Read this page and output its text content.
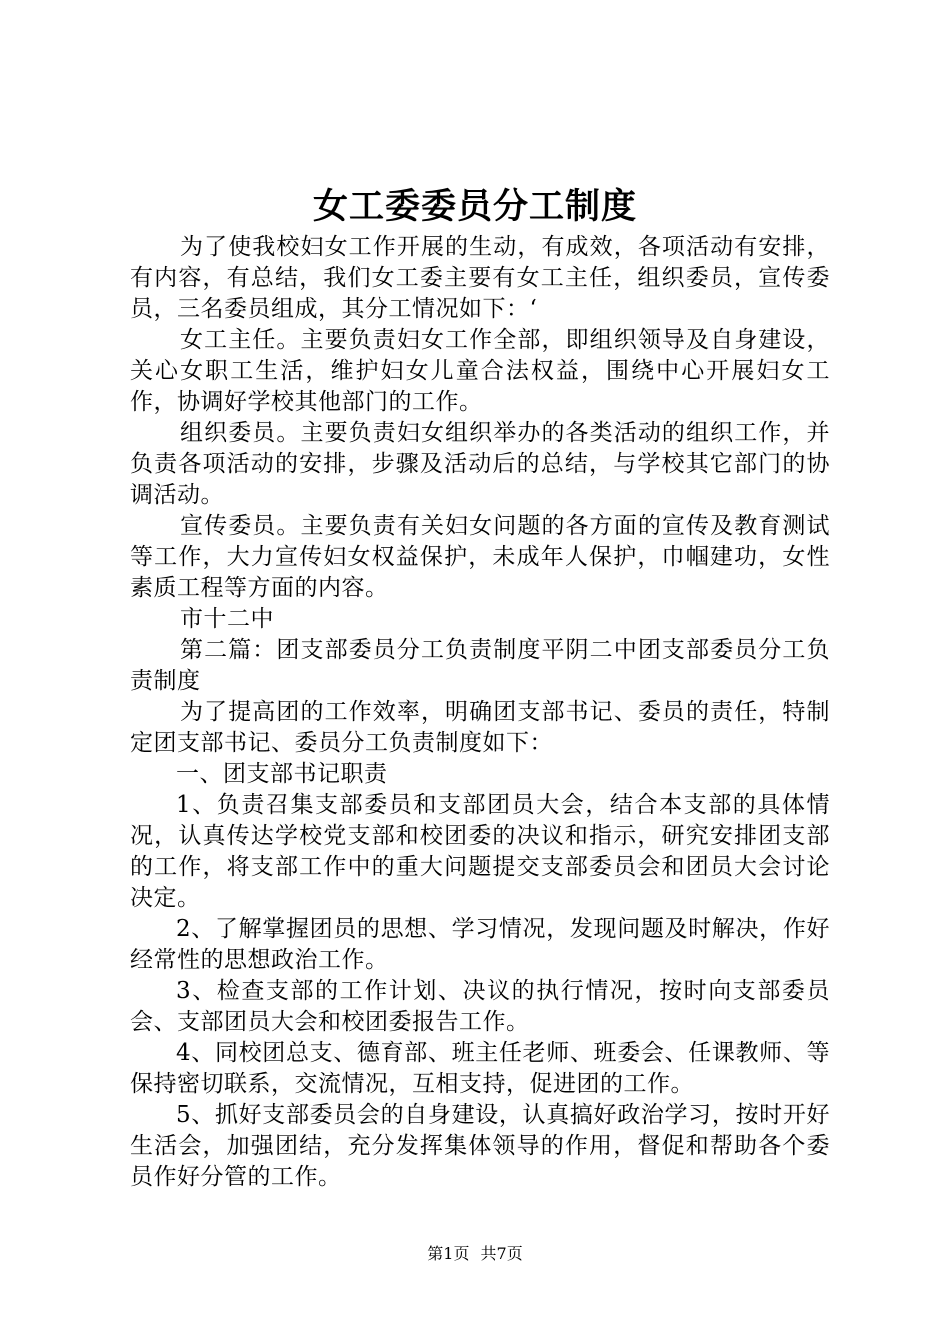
女工委委员分工制度

为了使我校妇女工作开展的生动，有成效，各项活动有安排，有内容，有总结，我们女工委主要有女工主任，组织委员，宣传委员，三名委员组成，其分工情况如下：‘

女工主任。主要负责妇女工作全部，即组织领导及自身建设，关心女职工生活，维护妇女儿童合法权益，围绕中心开展妇女工作，协调好学校其他部门的工作。

组织委员。主要负责妇女组织举办的各类活动的组织工作，并负责各项活动的安排，步骤及活动后的总结，与学校其它部门的协调活动。

宣传委员。主要负责有关妇女问题的各方面的宣传及教育测试等工作，大力宣传妇女权益保护，未成年人保护，巾帼建功，女性素质工程等方面的内容。

市十二中

第二篇：团支部委员分工负责制度平阴二中团支部委员分工负责制度

为了提高团的工作效率，明确团支部书记、委员的责任，特制定团支部书记、委员分工负责制度如下：

一、团支部书记职责

1、负责召集支部委员和支部团员大会，结合本支部的具体情况，认真传达学校党支部和校团委的决议和指示，研究安排团支部的工作，将支部工作中的重大问题提交支部委员会和团员大会讨论决定。

2、了解掌握团员的思想、学习情况，发现问题及时解决，作好经常性的思想政治工作。

3、检查支部的工作计划、决议的执行情况，按时向支部委员会、支部团员大会和校团委报告工作。

4、同校团总支、德育部、班主任老师、班委会、任课教师、等保持密切联系，交流情况，互相支持，促进团的工作。

5、抓好支部委员会的自身建设，认真搞好政治学习，按时开好生活会，加强团结，充分发挥集体领导的作用，督促和帮助各个委员作好分管的工作。

第1页 共7页
